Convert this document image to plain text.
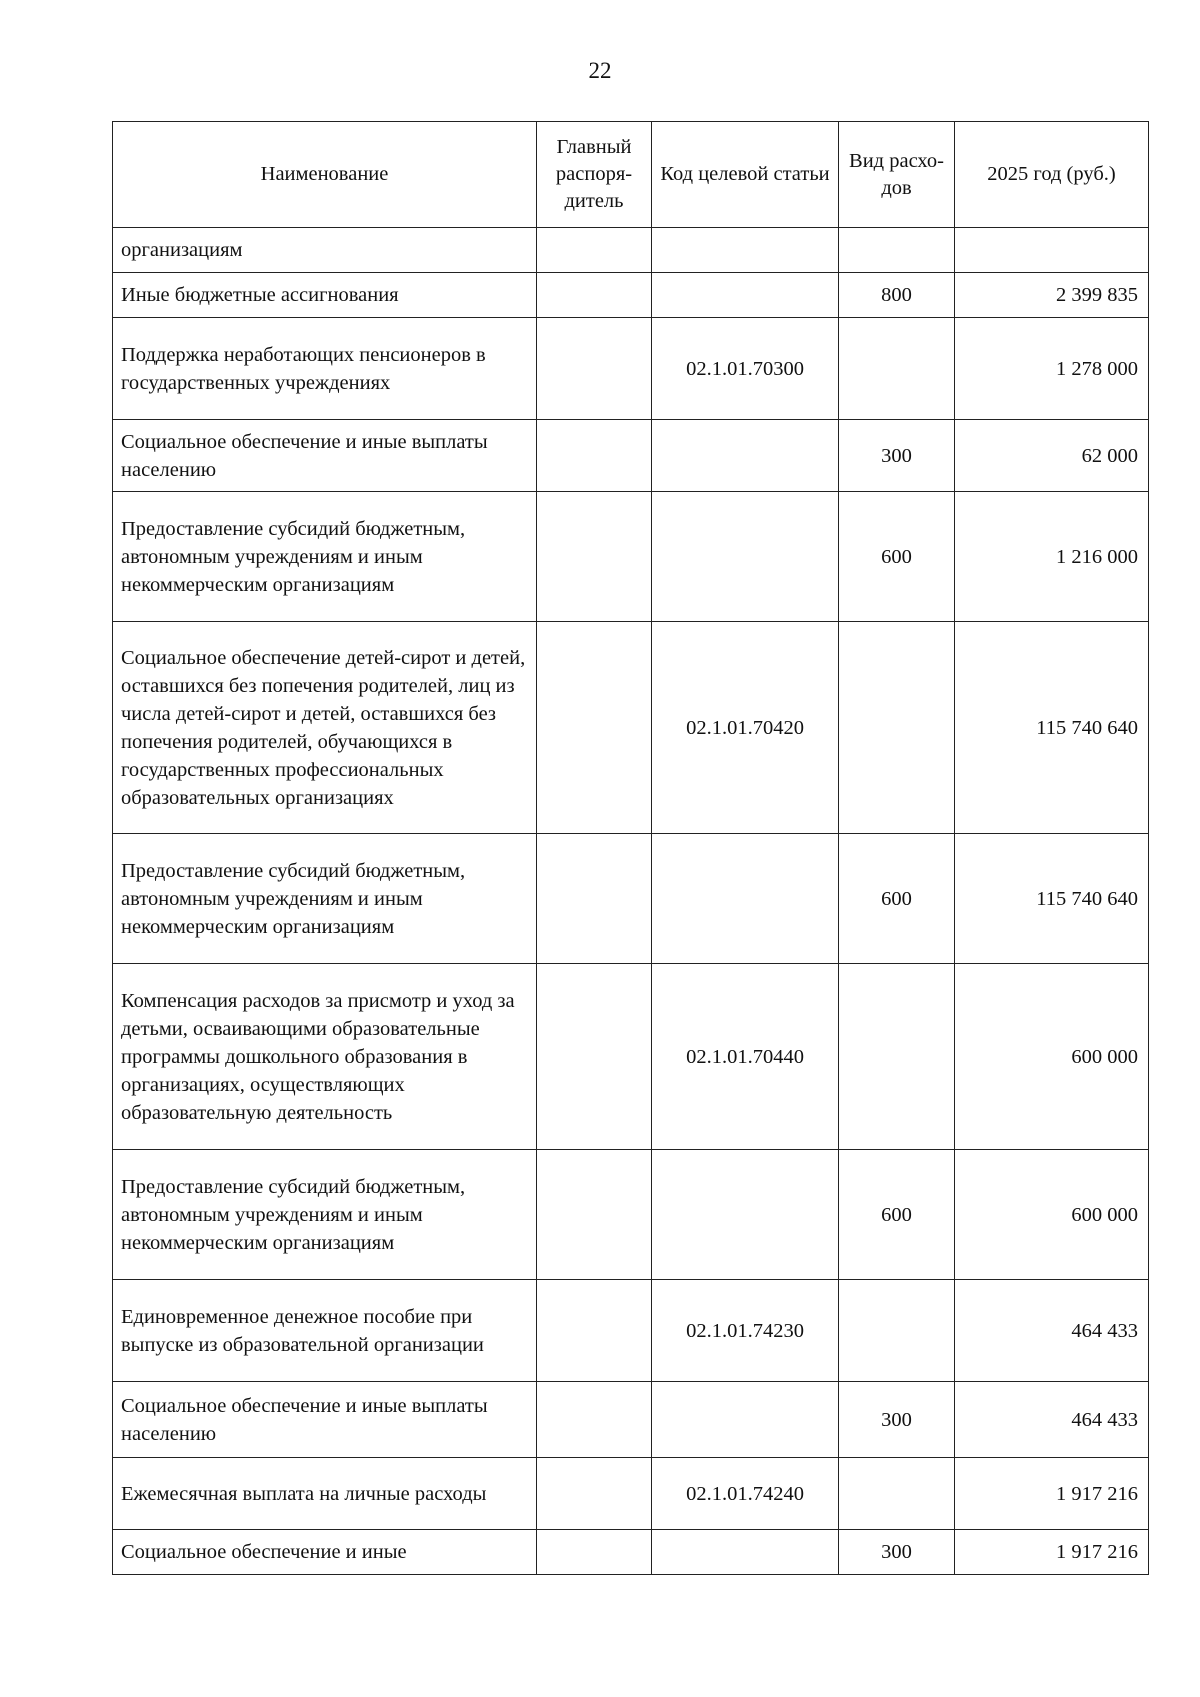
22
Наименование	Главный распоря- дитель	Код целевой статьи	Вид расхо- дов	2025 год (руб.)
организациям				
Иные бюджетные ассигнования			800	2 399 835
Поддержка неработающих пенсионеров в государственных учреждениях		02.1.01.70300		1 278 000
Социальное обеспечение и иные выплаты населению			300	62 000
Предоставление субсидий бюджетным, автономным учреждениям и иным некоммерческим организациям			600	1 216 000
Социальное обеспечение детей-сирот и детей, оставшихся без попечения родителей, лиц из числа детей-сирот и детей, оставшихся без попечения родителей, обучающихся в государственных профессиональных образовательных организациях		02.1.01.70420		115 740 640
Предоставление субсидий бюджетным, автономным учреждениям и иным некоммерческим организациям			600	115 740 640
Компенсация расходов за присмотр и уход за детьми, осваивающими образовательные программы дошкольного образования в организациях, осуществляющих образовательную деятельность		02.1.01.70440		600 000
Предоставление субсидий бюджетным, автономным учреждениям и иным некоммерческим организациям			600	600 000
Единовременное денежное пособие при выпуске из образовательной организации		02.1.01.74230		464 433
Социальное обеспечение и иные выплаты населению			300	464 433
Ежемесячная выплата на личные расходы		02.1.01.74240		1 917 216
Социальное обеспечение и иные			300	1 917 216
